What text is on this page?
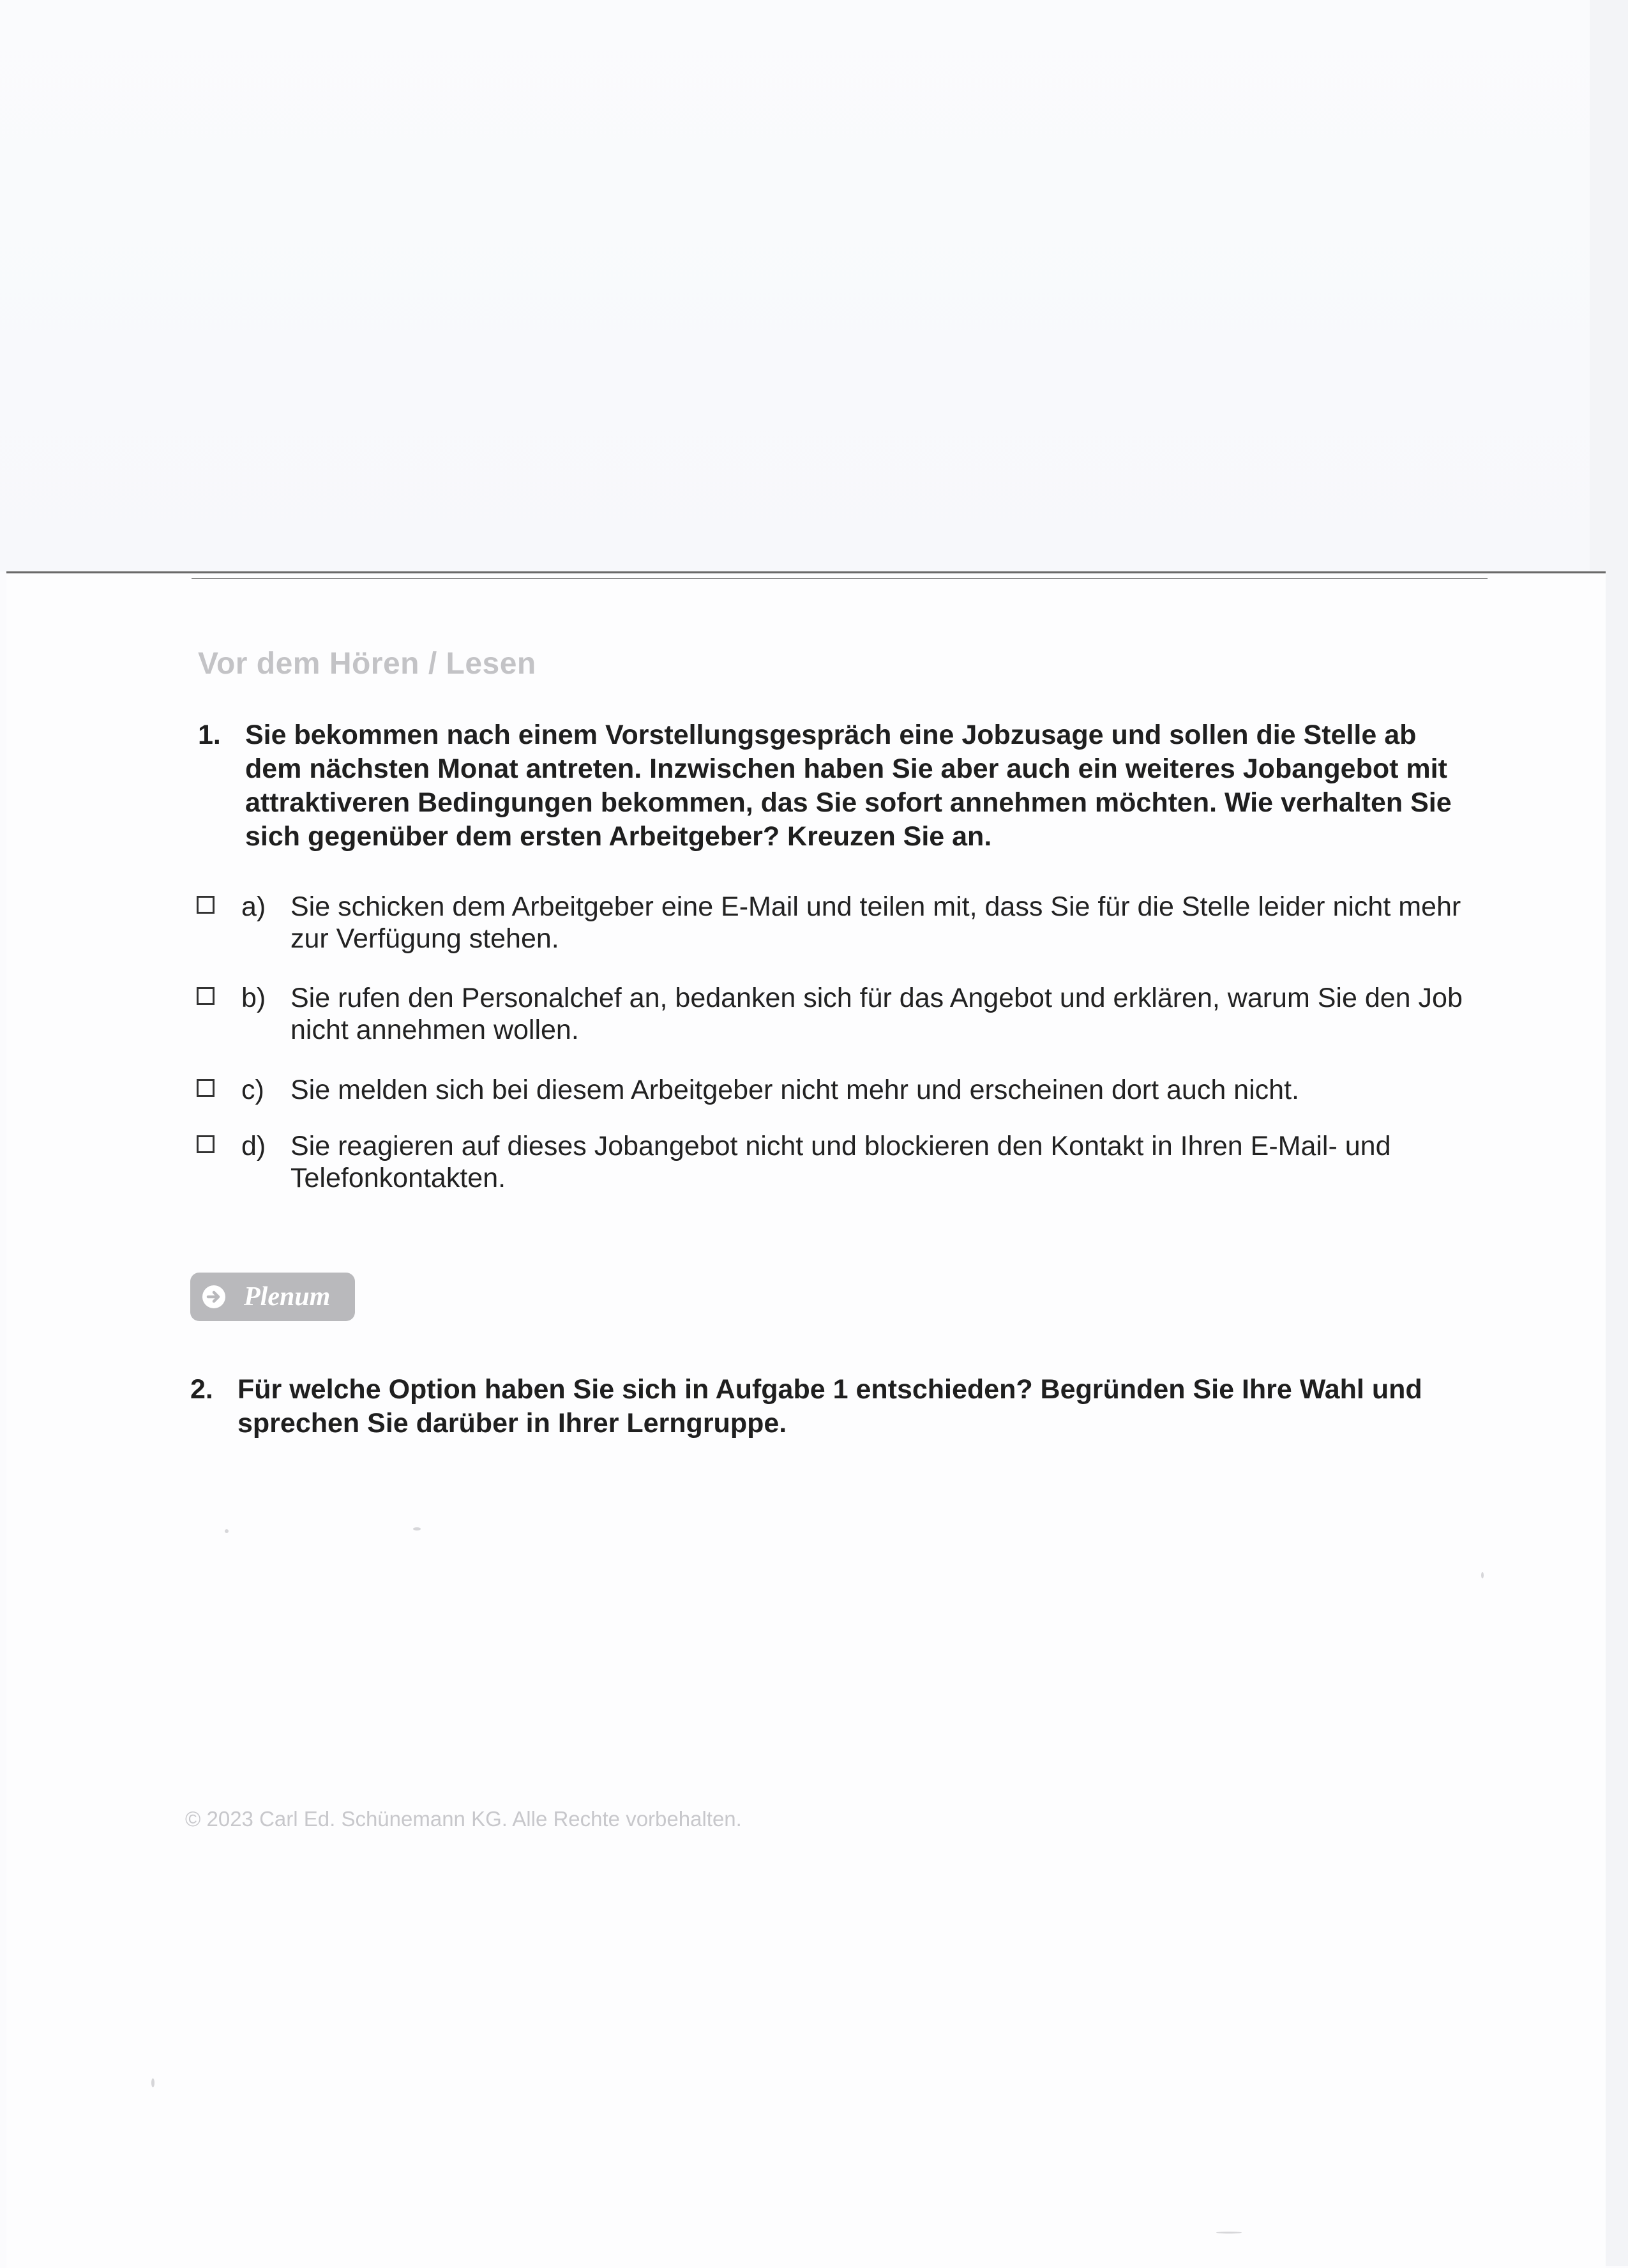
Vor dem Hören / Lesen
1. Sie bekommen nach einem Vorstellungsgespräch eine Jobzusage und sollen die Stelle ab dem nächsten Monat antreten. Inzwischen haben Sie aber auch ein weiteres Jobangebot mit attraktiveren Bedingungen bekommen, das Sie sofort annehmen möchten. Wie verhalten Sie sich gegenüber dem ersten Arbeitgeber? Kreuzen Sie an.
a) Sie schicken dem Arbeitgeber eine E-Mail und teilen mit, dass Sie für die Stelle leider nicht mehr zur Verfügung stehen.
b) Sie rufen den Personalchef an, bedanken sich für das Angebot und erklären, warum Sie den Job nicht annehmen wollen.
c) Sie melden sich bei diesem Arbeitgeber nicht mehr und erscheinen dort auch nicht.
d) Sie reagieren auf dieses Jobangebot nicht und blockieren den Kontakt in Ihren E-Mail- und Telefonkontakten.
Plenum
2. Für welche Option haben Sie sich in Aufgabe 1 entschieden? Begründen Sie Ihre Wahl und sprechen Sie darüber in Ihrer Lerngruppe.
© 2023 Carl Ed. Schünemann KG. Alle Rechte vorbehalten.
